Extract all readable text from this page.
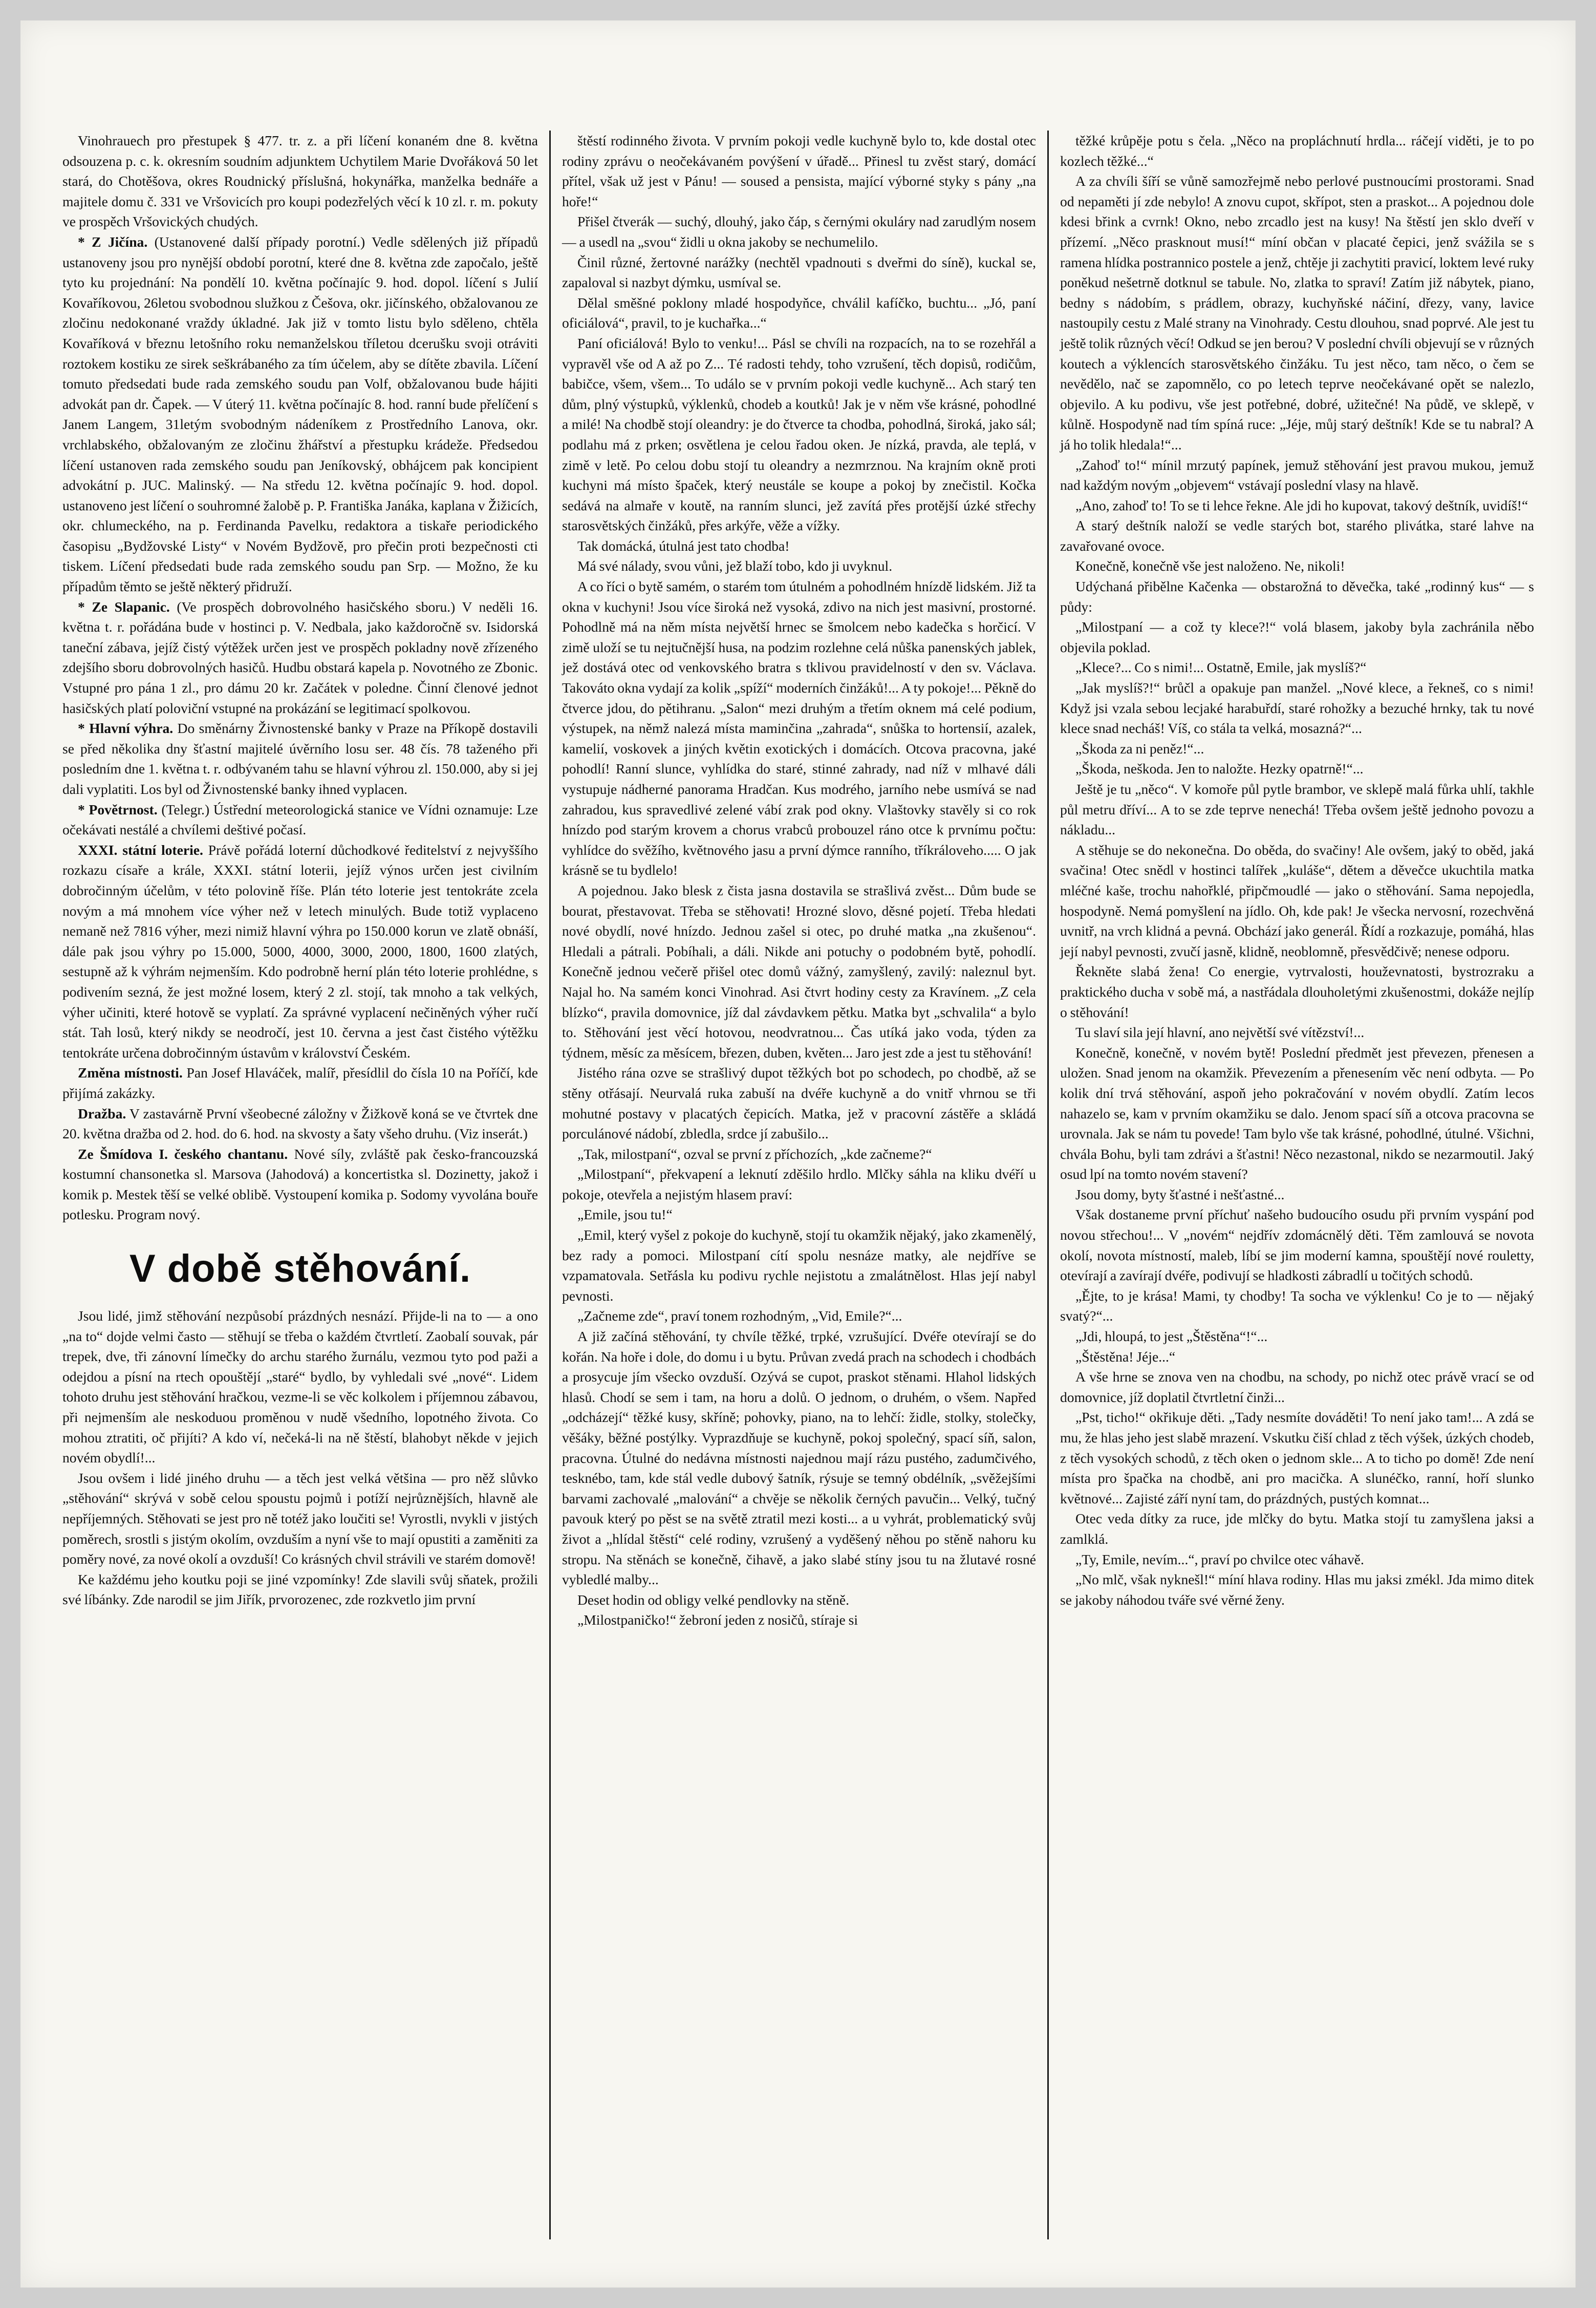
Vinohrauech pro přestupek § 477. tr. z. a při líčení konaném dne 8. května odsouzena p. c. k. okresním soudním adjunktem Uchytilem Marie Dvořáková 50 let stará, do Chotěšova, okres Roudnický příslušná, hokynářka, manželka bednáře a majitele domu č. 331 ve Vršovicích pro koupi podezřelých věcí k 10 zl. r. m. pokuty ve prospěch Vršovických chudých.

* Z Jičína. (Ustanovené další případy porotní.) Vedle sdělených již případů ustanoveny jsou pro nynější období porotní, které dne 8. května zde započalo, ještě tyto ku projednání: Na pondělí 10. května počínajíc 9. hod. dopol. líčení s Julií Kovaříkovou, 26letou svobodnou služkou z Češova, okr. jičínského, obžalovanou ze zločinu nedokonané vraždy úkladné. Jak již v tomto listu bylo sděleno, chtěla Kovaříková v březnu letošního roku nemanželskou tříletou dcerušku svoji otráviti roztokem kostiku ze sirek seškrábaného za tím účelem, aby se dítěte zbavila. Líčení tomuto předsedati bude rada zemského soudu pan Volf, obžalovanou bude hájiti advokát pan dr. Čapek. — V úterý 11. května počínajíc 8. hod. ranní bude přelíčení s Janem Langem, 31letým svobodným nádeníkem z Prostředního Lanova, okr. vrchlabského, obžalovaným ze zločinu žhářství a přestupku krádeže. Předsedou líčení ustanoven rada zemského soudu pan Jeníkovský, obhájcem pak koncipient advokátní p. JUC. Malinský. — Na středu 12. května počínajíc 9. hod. dopol. ustanoveno jest líčení o souhromné žalobě p. P. Františka Janáka, kaplana v Žižicích, okr. chlumeckého, na p. Ferdinanda Pavelku, redaktora a tiskaře periodického časopisu „Bydžovské Listy“ v Novém Bydžově, pro přečin proti bezpečnosti cti tiskem. Líčení předsedati bude rada zemského soudu pan Srp. — Možno, že ku případům těmto se ještě některý přidruží.

* Ze Slapanic. (Ve prospěch dobrovolného hasičského sboru.) V neděli 16. května t. r. pořádána bude v hostinci p. V. Nedbala, jako každoročně sv. Isidorská taneční zábava, jejíž čistý výtěžek určen jest ve prospěch pokladny nově zřízeného zdejšího sboru dobrovolných hasičů. Hudbu obstará kapela p. Novotného ze Zbonic. Vstupné pro pána 1 zl., pro dámu 20 kr. Začátek v poledne. Činní členové jednot hasičských platí poloviční vstupné na prokázání se legitimací spolkovou.

* Hlavní výhra. Do směnárny Živnostenské banky v Praze na Příkopě dostavili se před několika dny šťastní majitelé úvěrního losu ser. 48 čís. 78 taženého při posledním dne 1. května t. r. odbývaném tahu se hlavní výhrou zl. 150.000, aby si jej dali vyplatiti. Los byl od Živnostenské banky ihned vyplacen.

* Povětrnost. (Telegr.) Ústřední meteorologická stanice ve Vídni oznamuje: Lze očekávati nestálé a chvílemi deštivé počasí.

XXXI. státní loterie. Právě pořádá loterní důchodkové ředitelství z nejvyššího rozkazu císaře a krále, XXXI. státní loterii, jejíž výnos určen jest civilním dobročinným účelům, v této polovině říše. Plán této loterie jest tentokráte zcela novým a má mnohem více výher než v letech minulých. Bude totiž vyplaceno nemaně než 7816 výher, mezi nimiž hlavní výhra po 150.000 korun ve zlatě obnáší, dále pak jsou výhry po 15.000, 5000, 4000, 3000, 2000, 1800, 1600 zlatých, sestupně až k výhrám nejmenším. Kdo podrobně herní plán této loterie prohlédne, s podivením sezná, že jest možné losem, který 2 zl. stojí, tak mnoho a tak velkých, výher učiniti, které hotově se vyplatí. Za správné vyplacení nečiněných výher ručí stát. Tah losů, který nikdy se neodročí, jest 10. června a jest čast čistého výtěžku tentokráte určena dobročinným ústavům v království Českém.

Změna místnosti. Pan Josef Hlaváček, malíř, přesídlil do čísla 10 na Poříčí, kde přijímá zakázky.

Dražba. V zastavárně První všeobecné záložny v Žižkově koná se ve čtvrtek dne 20. května dražba od 2. hod. do 6. hod. na skvosty a šaty všeho druhu. (Viz inserát.)

Ze Šmídova I. českého chantanu. Nové síly, zvláště pak česko-francouzská kostumní chansonetka sl. Marsova (Jahodová) a koncertistka sl. Dozinetty, jakož i komik p. Mestek těší se velké oblibě. Vystoupení komika p. Sodomy vyvolána bouře potlesku. Program nový.

V době stěhování.

Jsou lidé, jimž stěhování nezpůsobí prázdných nesnází. Přijde-li na to — a ono „na to“ dojde velmi často — stěhují se třeba o každém čtvrtletí. Zaobalí souvak, pár trepek, dve, tři zánovní límečky do archu starého žurnálu, vezmou tyto pod paži a odejdou a písní na rtech opouštějí „staré“ bydlo, by vyhledali své „nové“. Lidem tohoto druhu jest stěhování hračkou, vezme-li se věc kolkolem i příjemnou zábavou, při nejmenším ale neskoduou proměnou v nudě všedního, lopotného života. Co mohou ztratiti, oč přijíti? A kdo ví, nečeká-li na ně štěstí, blahobyt někde v jejich novém obydlí!...

Jsou ovšem i lidé jiného druhu — a těch jest velká většina — pro něž slůvko „stěhování“ skrývá v sobě celou spoustu pojmů i potíží nejrůznějších, hlavně ale nepříjemných. Stěhovati se jest pro ně totéž jako loučiti se! Vyrostli, nvykli v jistých poměrech, srostli s jistým okolím, ovzduším a nyní vše to mají opustiti a zaměniti za poměry nové, za nové okolí a ovzduší! Co krásných chvil strávili ve starém domově!

Ke každému jeho koutku poji se jiné vzpomínky! Zde slavili svůj sňatek, prožili své líbánky. Zde narodil se jim Jiřík, prvorozenec, zde rozkvetlo jim první

štěstí rodinného života. V prvním pokoji vedle kuchyně bylo to, kde dostal otec rodiny zprávu o neočekávaném povýšení v úřadě... Přinesl tu zvěst starý, domácí přítel, však už jest v Pánu! — soused a pensista, mající výborné styky s pány „na hoře!“

Přišel čtverák — suchý, dlouhý, jako čáp, s černými okuláry nad zarudlým nosem — a usedl na „svou“ židli u okna jakoby se nechumelilo.

Činil různé, žertovné narážky (nechtěl vpadnouti s dveřmi do síně), kuckal se, zapaloval si nazbyt dýmku, usmíval se.

Dělal směšné poklony mladé hospodyňce, chválil kafíčko, buchtu... „Jó, paní oficiálová“, pravil, to je kuchařka...“

Paní oficiálová! Bylo to venku!... Pásl se chvíli na rozpacích, na to se rozehřál a vypravěl vše od A až po Z... Té radosti tehdy, toho vzrušení, těch dopisů, rodičům, babičce, všem, všem... To událo se v prvním pokoji vedle kuchyně... Ach starý ten dům, plný výstupků, výklenků, chodeb a koutků! Jak je v něm vše krásné, pohodlné a milé! Na chodbě stojí oleandry: je do čtverce ta chodba, pohodlná, široká, jako sál; podlahu má z prken; osvětlena je celou řadou oken. Je nízká, pravda, ale teplá, v zimě v letě. Po celou dobu stojí tu oleandry a nezmrznou. Na krajním okně proti kuchyni má místo špaček, který neustále se koupe a pokoj by znečistil. Kočka sedává na almaře v koutě, na ranním slunci, jež zavítá přes protější úzké střechy starosvětských činžáků, přes arkýře, věže a vížky.

Tak domácká, útulná jest tato chodba!

Má své nálady, svou vůni, jež blaží tobo, kdo ji uvyknul.

A co říci o bytě samém, o starém tom útulném a pohodlném hnízdě lidském. Již ta okna v kuchyni! Jsou více široká než vysoká, zdivo na nich jest masivní, prostorné. Pohodlně má na něm místa největší hrnec se šmolcem nebo kadečka s horčicí. V zimě uloží se tu nejtučnější husa, na podzim rozlehne celá nůška panenských jablek, jež dostává otec od venkovského bratra s tklivou pravidelností v den sv. Václava. Takováto okna vydají za kolik „spíží“ moderních činžáků!... A ty pokoje!... Pěkně do čtverce jdou, do pětihranu. „Salon“ mezi druhým a třetím oknem má celé podium, výstupek, na němž nalezá místa maminčina „zahrada“, snůška to hortensií, azalek, kamelií, voskovek a jiných květin exotických i domácích. Otcova pracovna, jaké pohodlí! Ranní slunce, vyhlídka do staré, stinné zahrady, nad níž v mlhavé dáli vystupuje nádherné panorama Hradčan. Kus modrého, jarního nebe usmívá se nad zahradou, kus spravedlivé zelené vábí zrak pod okny. Vlaštovky stavěly si co rok hnízdo pod starým krovem a chorus vrabců probouzel ráno otce k prvnímu počtu: vyhlídce do svěžího, květnového jasu a první dýmce ranního, tříkráloveho..... O jak krásně se tu bydlelo!

A pojednou. Jako blesk z čista jasna dostavila se strašlivá zvěst... Dům bude se bourat, přestavovat. Třeba se stěhovati! Hrozné slovo, děsné pojetí. Třeba hledati nové obydlí, nové hnízdo. Jednou zašel si otec, po druhé matka „na zkušenou“. Hledali a pátrali. Pobíhali, a dáli. Nikde ani potuchy o podobném bytě, pohodlí. Konečně jednou večerě přišel otec domů vážný, zamyšlený, zavilý: naleznul byt. Najal ho. Na samém konci Vinohrad. Asi čtvrt hodiny cesty za Kravínem. „Z cela blízko“, pravila domovnice, jíž dal závdavkem pětku. Matka byt „schvalila“ a bylo to. Stěhování jest věcí hotovou, neodvratnou... Čas utíká jako voda, týden za týdnem, měsíc za měsícem, březen, duben, květen... Jaro jest zde a jest tu stěhování!

Jistého rána ozve se strašlivý dupot těžkých bot po schodech, po chodbě, až se stěny otřásají. Neurvalá ruka zabuší na dvéře kuchyně a do vnitř vhrnou se tři mohutné postavy v placatých čepicích. Matka, jež v pracovní zástěře a skládá porculánové nádobí, zbledla, srdce jí zabušilo...

„Tak, milostpaní“, ozval se první z příchozích, „kde začneme?“

„Milostpaní“, překvapení a leknutí zděšilo hrdlo. Mlčky sáhla na kliku dvéří u pokoje, otevřela a nejistým hlasem praví:

„Emile, jsou tu!“

„Emil, který vyšel z pokoje do kuchyně, stojí tu okamžik nějaký, jako zkamenělý, bez rady a pomoci. Milostpaní cítí spolu nesnáze matky, ale nejdříve se vzpamatovala. Setřásla ku podivu rychle nejistotu a zmalátnělost. Hlas její nabyl pevnosti.

„Začneme zde“, praví tonem rozhodným, „Vid, Emile?“...

A již začíná stěhování, ty chvíle těžké, trpké, vzrušující. Dvéře otevírají se do kořán. Na hoře i dole, do domu i u bytu. Průvan zvedá prach na schodech i chodbách a prosycuje jím všecko ovzduší. Ozývá se cupot, praskot stěnami. Hlahol lidských hlasů. Chodí se sem i tam, na horu a dolů. O jednom, o druhém, o všem. Napřed „odcházejí“ těžké kusy, skříně; pohovky, piano, na to lehčí: židle, stolky, stolečky, věšáky, běžné postýlky. Vyprazdňuje se kuchyně, pokoj společný, spací síň, salon, pracovna. Útulné do nedávna místnosti najednou mají rázu pustého, zadumčivého, tesknébo, tam, kde stál vedle dubový šatník, rýsuje se temný obdélník, „svěžejšími barvami zachovalé „malování“ a chvěje se několik černých pavučin... Velký, tučný pavouk který po pěst se na světě ztratil mezi kosti... a u vyhrát, problematický svůj život a „hlídal štěstí“ celé rodiny, vzrušený a vyděšený něhou po stěně nahoru ku stropu. Na stěnách se konečně, čihavě, a jako slabé stíny jsou tu na žlutavé rosné vybledlé malby...

Deset hodin od obligy velké pendlovky na stěně.

„Milostpaničko!“ žebroní jeden z nosičů, stíraje si

těžké krůpěje potu s čela. „Něco na propláchnutí hrdla... ráčejí viděti, je to po kozlech těžké...“

A za chvíli šíří se vůně samozřejmě nebo perlové pustnoucími prostorami. Snad od nepaměti jí zde nebylo! A znovu cupot, skřípot, sten a praskot... A pojednou dole kdesi břink a cvrnk! Okno, nebo zrcadlo jest na kusy! Na štěstí jen sklo dveří v přízemí. „Něco prasknout musí!“ míní občan v placaté čepici, jenž svážila se s ramena hlídka postrannico postele a jenž, chtěje ji zachytiti pravicí, loktem levé ruky poněkud nešetrně dotknul se tabule. No, zlatka to spraví! Zatím již nábytek, piano, bedny s nádobím, s prádlem, obrazy, kuchyňské náčiní, dřezy, vany, lavice nastoupily cestu z Malé strany na Vinohrady. Cestu dlouhou, snad poprvé. Ale jest tu ještě tolik různých věcí! Odkud se jen berou? V poslední chvíli objevují se v různých koutech a výklencích starosvětského činžáku. Tu jest něco, tam něco, o čem se nevědělo, nač se zapomnělo, co po letech teprve neočekávané opět se nalezlo, objevilo. A ku podivu, vše jest potřebné, dobré, užitečné! Na půdě, ve sklepě, v kůlně. Hospodyně nad tím spíná ruce: „Jéje, můj starý deštník! Kde se tu nabral? A já ho tolik hledala!“...

„Zahoď to!“ mínil mrzutý papínek, jemuž stěhování jest pravou mukou, jemuž nad každým novým „objevem“ vstávají poslední vlasy na hlavě.

„Ano, zahoď to! To se ti lehce řekne. Ale jdi ho kupovat, takový deštník, uvidíš!“

A starý deštník naloží se vedle starých bot, starého plivátka, staré lahve na zavařované ovoce.

Konečně, konečně vše jest naloženo. Ne, nikoli!

Udýchaná přibělne Kačenka — obstarožná to děvečka, také „rodinný kus“ — s půdy:

„Milostpaní — a což ty klece?!“ volá blasem, jakoby byla zachránila něbo objevila poklad.

„Klece?... Co s nimi!... Ostatně, Emile, jak myslíš?“

„Jak myslíš?!“ brůčl a opakuje pan manžel. „Nové klece, a řekneš, co s nimi! Když jsi vzala sebou lecjaké harabuřdí, staré rohožky a bezuché hrnky, tak tu nové klece snad necháš! Víš, co stála ta velká, mosazná?“...

„Škoda za ni peněz!“...

„Škoda, neškoda. Jen to naložte. Hezky opatrně!“...

Ještě je tu „něco“. V komoře půl pytle brambor, ve sklepě malá fůrka uhlí, takhle půl metru dříví... A to se zde teprve nenechá! Třeba ovšem ještě jednoho povozu a nákladu...

A stěhuje se do nekonečna. Do oběda, do svačiny! Ale ovšem, jaký to oběd, jaká svačina! Otec snědl v hostinci talířek „kuláše“, dětem a děvečce ukuchtila matka mléčné kaše, trochu nahořklé, připčmoudlé — jako o stěhování. Sama nepojedla, hospodyně. Nemá pomyšlení na jídlo. Oh, kde pak! Je všecka nervosní, rozechvěná uvnitř, na vrch klidná a pevná. Obchází jako generál. Řídí a rozkazuje, pomáhá, hlas její nabyl pevnosti, zvučí jasně, klidně, neoblomně, přesvědčivě; nenese odporu.

Řekněte slabá žena! Co energie, vytrvalosti, houževnatosti, bystrozraku a praktického ducha v sobě má, a nastřádala dlouholetými zkušenostmi, dokáže nejlíp o stěhování!

Tu slaví sila její hlavní, ano největší své vítězství!...

Konečně, konečně, v novém bytě! Poslední předmět jest převezen, přenesen a uložen. Snad jenom na okamžik. Převezením a přenesením věc není odbyta. — Po kolik dní trvá stěhování, aspoň jeho pokračování v novém obydlí. Zatím lecos nahazelo se, kam v prvním okamžiku se dalo. Jenom spací síň a otcova pracovna se urovnala. Jak se nám tu povede! Tam bylo vše tak krásné, pohodlné, útulné. Všichni, chvála Bohu, byli tam zdrávi a šťastni! Něco nezastonal, nikdo se nezarmoutil. Jaký osud lpí na tomto novém stavení?

Jsou domy, byty šťastné i nešťastné...

Však dostaneme první příchuť našeho budoucího osudu při prvním vyspání pod novou střechou!... V „novém“ nejdřív zdomácnělý děti. Těm zamlouvá se novota okolí, novota místností, maleb, líbí se jim moderní kamna, spouštějí nové rouletty, otevírají a zavírají dvéře, podivují se hladkosti zábradlí u točitých schodů.

„Ějte, to je krása! Mami, ty chodby! Ta socha ve výklenku! Co je to — nějaký svatý?“...

„Jdi, hloupá, to jest „Štěstěna“!“...

„Štěstěna! Jéje...“

A vše hrne se znova ven na chodbu, na schody, po nichž otec právě vrací se od domovnice, jíž doplatil čtvrtletní činži...

„Pst, ticho!“ okřikuje děti. „Tady nesmíte dováděti! To není jako tam!... A zdá se mu, že hlas jeho jest slabě mrazení. Vskutku čiší chlad z těch výšek, úzkých chodeb, z těch vysokých schodů, z těch oken o jednom skle... A to ticho po domě! Zde není místa pro špačka na chodbě, ani pro macička. A slunéčko, ranní, hoří slunko květnové... Zajisté září nyní tam, do prázdných, pustých komnat...

Otec veda dítky za ruce, jde mlčky do bytu. Matka stojí tu zamyšlena jaksi a zamlklá.

„Ty, Emile, nevím...“, praví po chvilce otec váhavě.

„No mlč, však nyknešl!“ míní hlava rodiny. Hlas mu jaksi zmékl. Jda mimo ditek se jakoby náhodou tváře své věrné ženy.
